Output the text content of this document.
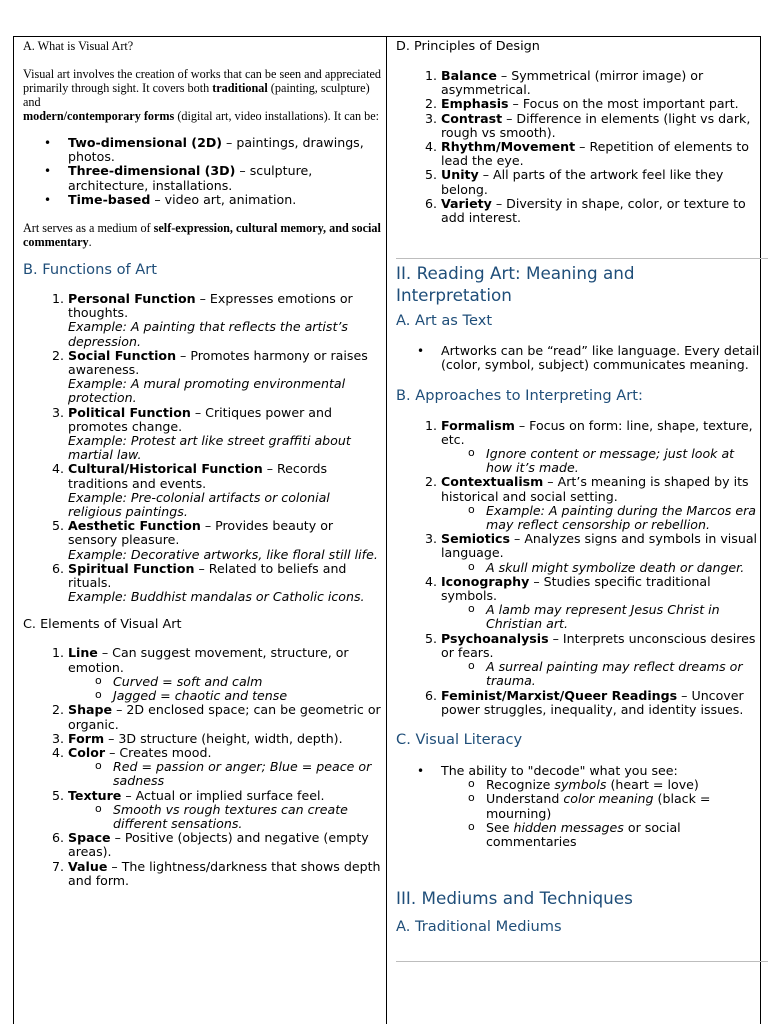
A. What is Visual Art?

Visual art involves the creation of works that can be seen and appreciated primarily through sight. It covers both traditional (painting, sculpture) and
modern/contemporary forms (digital art, video installations). It can be:

• Two-dimensional (2D) – paintings, drawings, photos.
• Three-dimensional (3D) – sculpture, architecture, installations.
• Time-based – video art, animation.

Art serves as a medium of self-expression, cultural memory, and social commentary.

B. Functions of Art
1. Personal Function – Expresses emotions or thoughts.
Example: A painting that reflects the artist’s depression.
2. Social Function – Promotes harmony or raises awareness.
Example: A mural promoting environmental protection.
3. Political Function – Critiques power and promotes change.
Example: Protest art like street graffiti about martial law.
4. Cultural/Historical Function – Records traditions and events.
Example: Pre-colonial artifacts or colonial religious paintings.
5. Aesthetic Function – Provides beauty or sensory pleasure.
Example: Decorative artworks, like floral still life.
6. Spiritual Function – Related to beliefs and rituals.
Example: Buddhist mandalas or Catholic icons.
C. Elements of Visual Art
1. Line – Can suggest movement, structure, or emotion.
o Curved = soft and calm
o Jagged = chaotic and tense
2. Shape – 2D enclosed space; can be geometric or organic.
3. Form – 3D structure (height, width, depth).
4. Color – Creates mood.
o Red = passion or anger; Blue = peace or sadness
5. Texture – Actual or implied surface feel.
o Smooth vs rough textures can create different sensations.
6. Space – Positive (objects) and negative (empty areas).
7. Value – The lightness/darkness that shows depth and form.
D. Principles of Design
1. Balance – Symmetrical (mirror image) or asymmetrical.
2. Emphasis – Focus on the most important part.
3. Contrast – Difference in elements (light vs dark, rough vs smooth).
4. Rhythm/Movement – Repetition of elements to lead the eye.
5. Unity – All parts of the artwork feel like they belong.
6. Variety – Diversity in shape, color, or texture to add interest.
II. Reading Art: Meaning and Interpretation
A. Art as Text
• Artworks can be “read” like language. Every detail (color, symbol, subject) communicates meaning.
B. Approaches to Interpreting Art:
1. Formalism – Focus on form: line, shape, texture, etc.
o Ignore content or message; just look at how it’s made.
2. Contextualism – Art’s meaning is shaped by its historical and social setting.
o Example: A painting during the Marcos era may reflect censorship or rebellion.
3. Semiotics – Analyzes signs and symbols in visual language.
o A skull might symbolize death or danger.
4. Iconography – Studies specific traditional symbols.
o A lamb may represent Jesus Christ in Christian art.
5. Psychoanalysis – Interprets unconscious desires or fears.
o A surreal painting may reflect dreams or trauma.
6. Feminist/Marxist/Queer Readings – Uncover power struggles, inequality, and identity issues.
C. Visual Literacy
• The ability to "decode" what you see:
o Recognize symbols (heart = love)
o Understand color meaning (black = mourning)
o See hidden messages or social commentaries
III. Mediums and Techniques
A. Traditional Mediums
